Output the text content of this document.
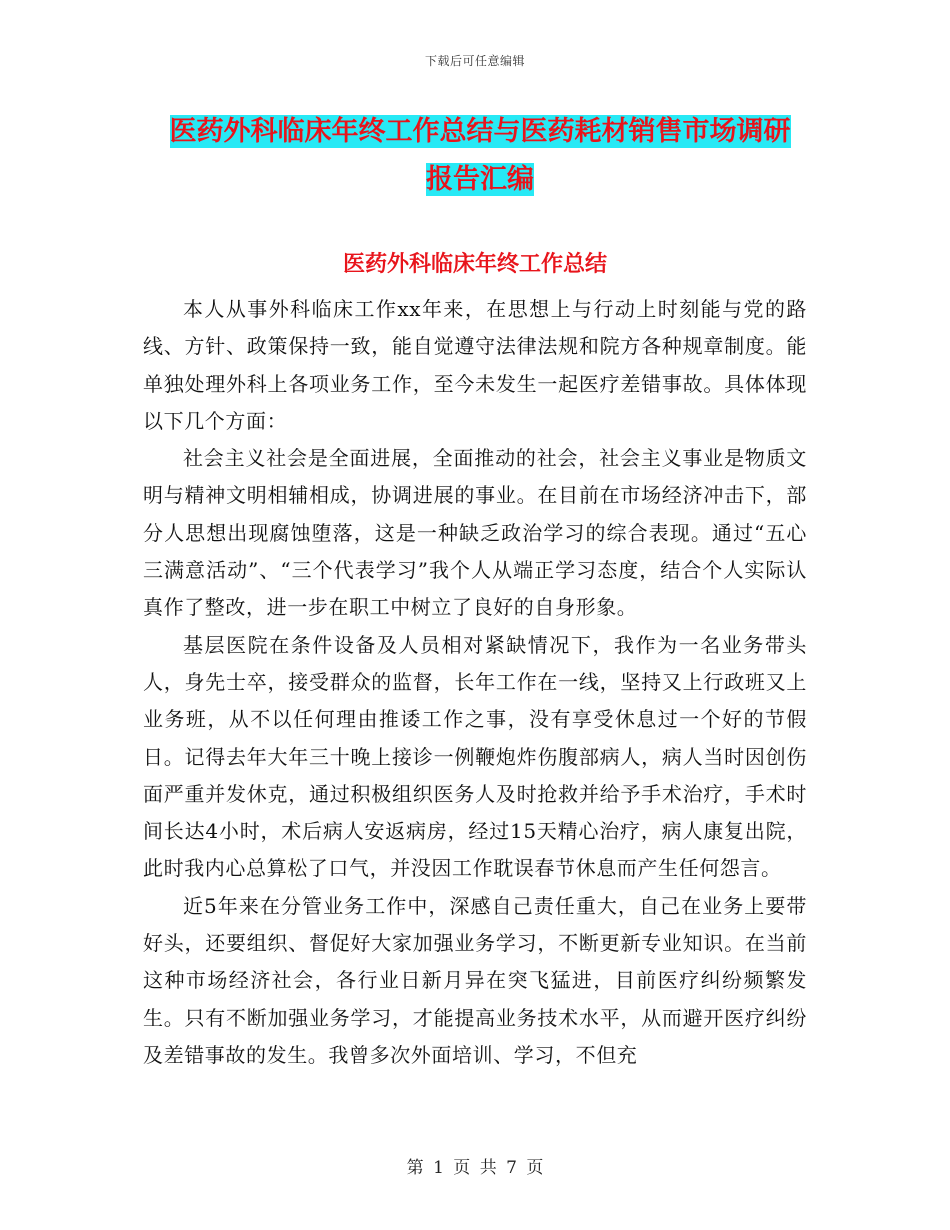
下载后可任意编辑
医药外科临床年终工作总结与医药耗材销售市场调研
报告汇编
医药外科临床年终工作总结

本人从事外科临床工作xx年来，在思想上与行动上时刻能与党的路线、方针、政策保持一致，能自觉遵守法律法规和院方各种规章制度。能单独处理外科上各项业务工作，至今未发生一起医疗差错事故。具体体现以下几个方面：

社会主义社会是全面进展，全面推动的社会，社会主义事业是物质文明与精神文明相辅相成，协调进展的事业。在目前在市场经济冲击下，部分人思想出现腐蚀堕落，这是一种缺乏政治学习的综合表现。通过“五心三满意活动”、“三个代表学习”我个人从端正学习态度，结合个人实际认真作了整改，进一步在职工中树立了良好的自身形象。

基层医院在条件设备及人员相对紧缺情况下，我作为一名业务带头人，身先士卒，接受群众的监督，长年工作在一线，坚持又上行政班又上业务班，从不以任何理由推诿工作之事，没有享受休息过一个好的节假日。记得去年大年三十晚上接诊一例鞭炮炸伤腹部病人，病人当时因创伤面严重并发休克，通过积极组织医务人及时抢救并给予手术治疗，手术时间长达4小时，术后病人安返病房，经过15天精心治疗，病人康复出院，此时我内心总算松了口气，并没因工作耽误春节休息而产生任何怨言。

近5年来在分管业务工作中，深感自己责任重大，自己在业务上要带好头，还要组织、督促好大家加强业务学习，不断更新专业知识。在当前这种市场经济社会，各行业日新月异在突飞猛进，目前医疗纠纷频繁发生。只有不断加强业务学习，才能提高业务技术水平，从而避开医疗纠纷及差错事故的发生。我曾多次外面培训、学习，不但充

第 1 页 共 7 页
